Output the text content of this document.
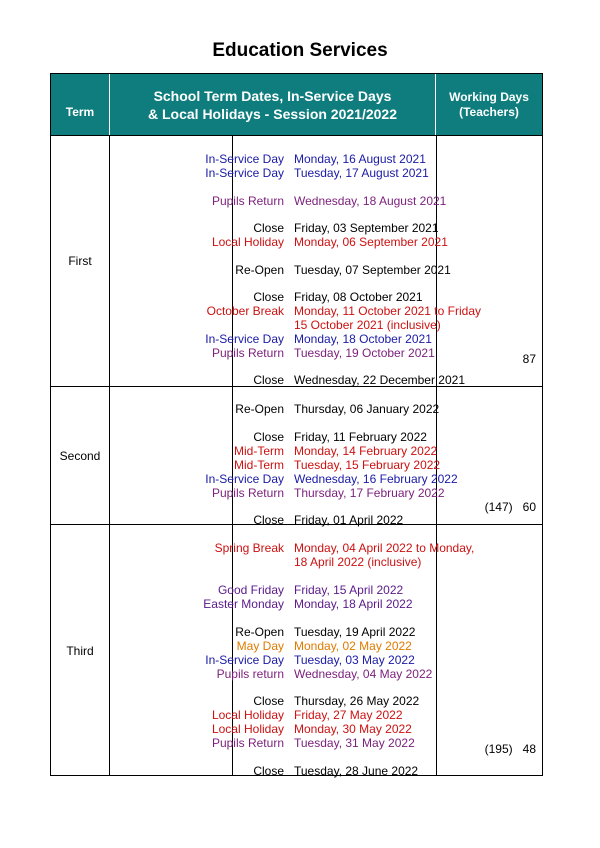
Education Services
Term
School Term Dates, In-Service Days
& Local Holidays - Session 2021/2022
Working Days
(Teachers)
First
Second
Third
87
(147)   60
(195)   48
In-Service Day Monday, 16 August 2021
In-Service Day Tuesday, 17 August 2021
Pupils Return Wednesday, 18 August 2021
Close Friday, 03 September 2021
Local Holiday Monday, 06 September 2021
Re-Open Tuesday, 07 September 2021
Close Friday, 08 October 2021
October Break Monday, 11 October 2021 to Friday
15 October 2021 (inclusive)
In-Service Day Monday, 18 October 2021
Pupils Return Tuesday, 19 October 2021
Close Wednesday, 22 December 2021
Re-Open Thursday, 06 January 2022
Close Friday, 11 February 2022
Mid-Term Monday, 14 February 2022
Mid-Term Tuesday, 15 February 2022
In-Service Day Wednesday, 16 February 2022
Pupils Return Thursday, 17 February 2022
Close Friday, 01 April 2022
Spring Break Monday, 04 April 2022 to Monday,
18 April 2022 (inclusive)
Good Friday Friday, 15 April 2022
Easter Monday Monday, 18 April 2022
Re-Open Tuesday, 19 April 2022
May Day Monday, 02 May 2022
In-Service Day Tuesday, 03 May 2022
Pupils return Wednesday, 04 May 2022
Close Thursday, 26 May 2022
Local Holiday Friday, 27 May 2022
Local Holiday Monday, 30 May 2022
Pupils Return Tuesday, 31 May 2022
Close Tuesday, 28 June 2022
